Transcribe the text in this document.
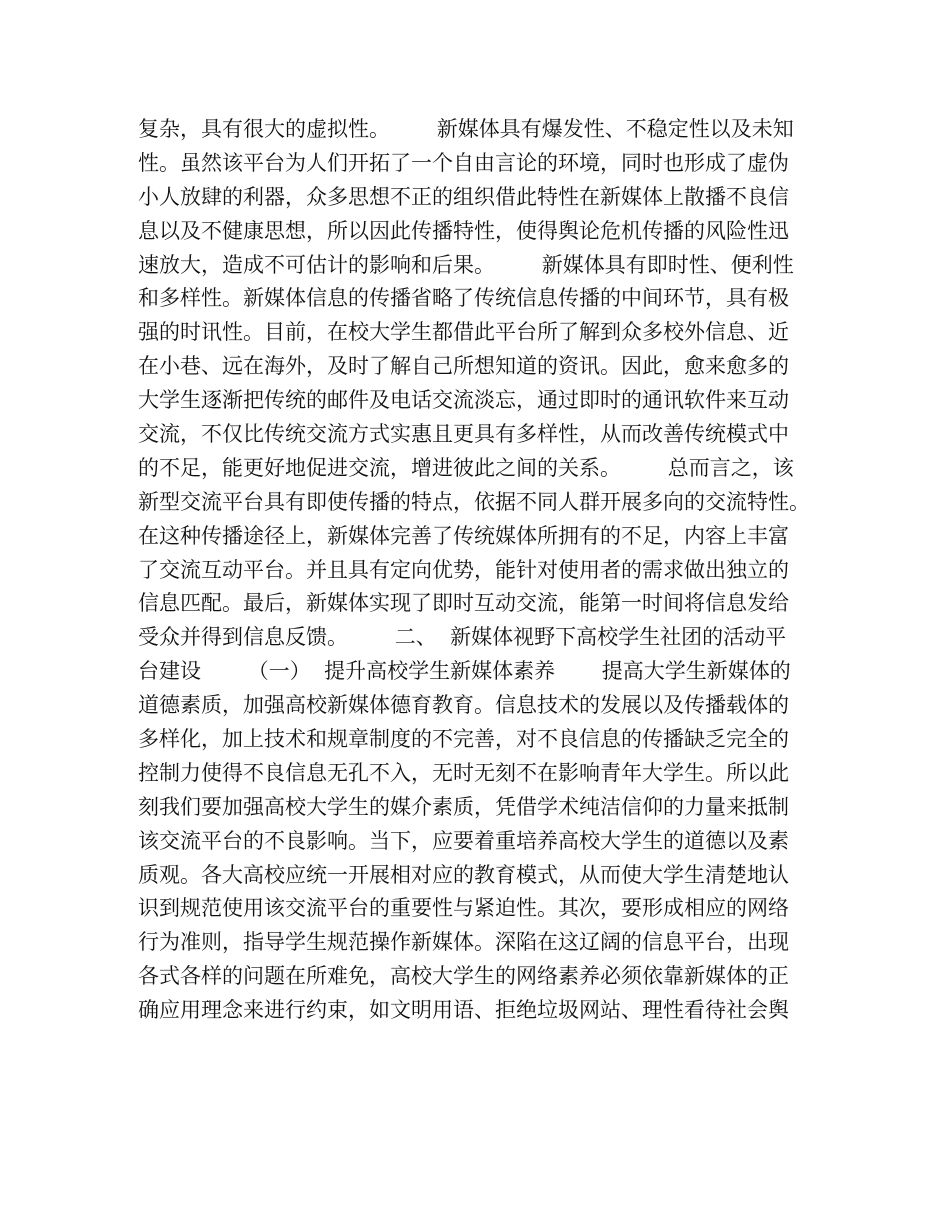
复杂，具有很大的虚拟性。       新媒体具有爆发性、不稳定性以及未知
性。虽然该平台为人们开拓了一个自由言论的环境，同时也形成了虚伪
小人放肆的利器，众多思想不正的组织借此特性在新媒体上散播不良信
息以及不健康思想，所以因此传播特性，使得舆论危机传播的风险性迅
速放大，造成不可估计的影响和后果。       新媒体具有即时性、便利性
和多样性。新媒体信息的传播省略了传统信息传播的中间环节，具有极
强的时讯性。目前，在校大学生都借此平台所了解到众多校外信息、近
在小巷、远在海外，及时了解自己所想知道的资讯。因此，愈来愈多的
大学生逐渐把传统的邮件及电话交流淡忘，通过即时的通讯软件来互动
交流，不仅比传统交流方式实惠且更具有多样性，从而改善传统模式中
的不足，能更好地促进交流，增进彼此之间的关系。       总而言之，该
新型交流平台具有即使传播的特点，依据不同人群开展多向的交流特性。
在这种传播途径上，新媒体完善了传统媒体所拥有的不足，内容上丰富
了交流互动平台。并且具有定向优势，能针对使用者的需求做出独立的
信息匹配。最后，新媒体实现了即时互动交流，能第一时间将信息发给
受众并得到信息反馈。       二、  新媒体视野下高校学生社团的活动平
台建设       （一）  提升高校学生新媒体素养       提高大学生新媒体的
道德素质，加强高校新媒体德育教育。信息技术的发展以及传播载体的
多样化，加上技术和规章制度的不完善，对不良信息的传播缺乏完全的
控制力使得不良信息无孔不入，无时无刻不在影响青年大学生。所以此
刻我们要加强高校大学生的媒介素质，凭借学术纯洁信仰的力量来抵制
该交流平台的不良影响。当下，应要着重培养高校大学生的道德以及素
质观。各大高校应统一开展相对应的教育模式，从而使大学生清楚地认
识到规范使用该交流平台的重要性与紧迫性。其次，要形成相应的网络
行为准则，指导学生规范操作新媒体。深陷在这辽阔的信息平台，出现
各式各样的问题在所难免，高校大学生的网络素养必须依靠新媒体的正
确应用理念来进行约束，如文明用语、拒绝垃圾网站、理性看待社会舆
